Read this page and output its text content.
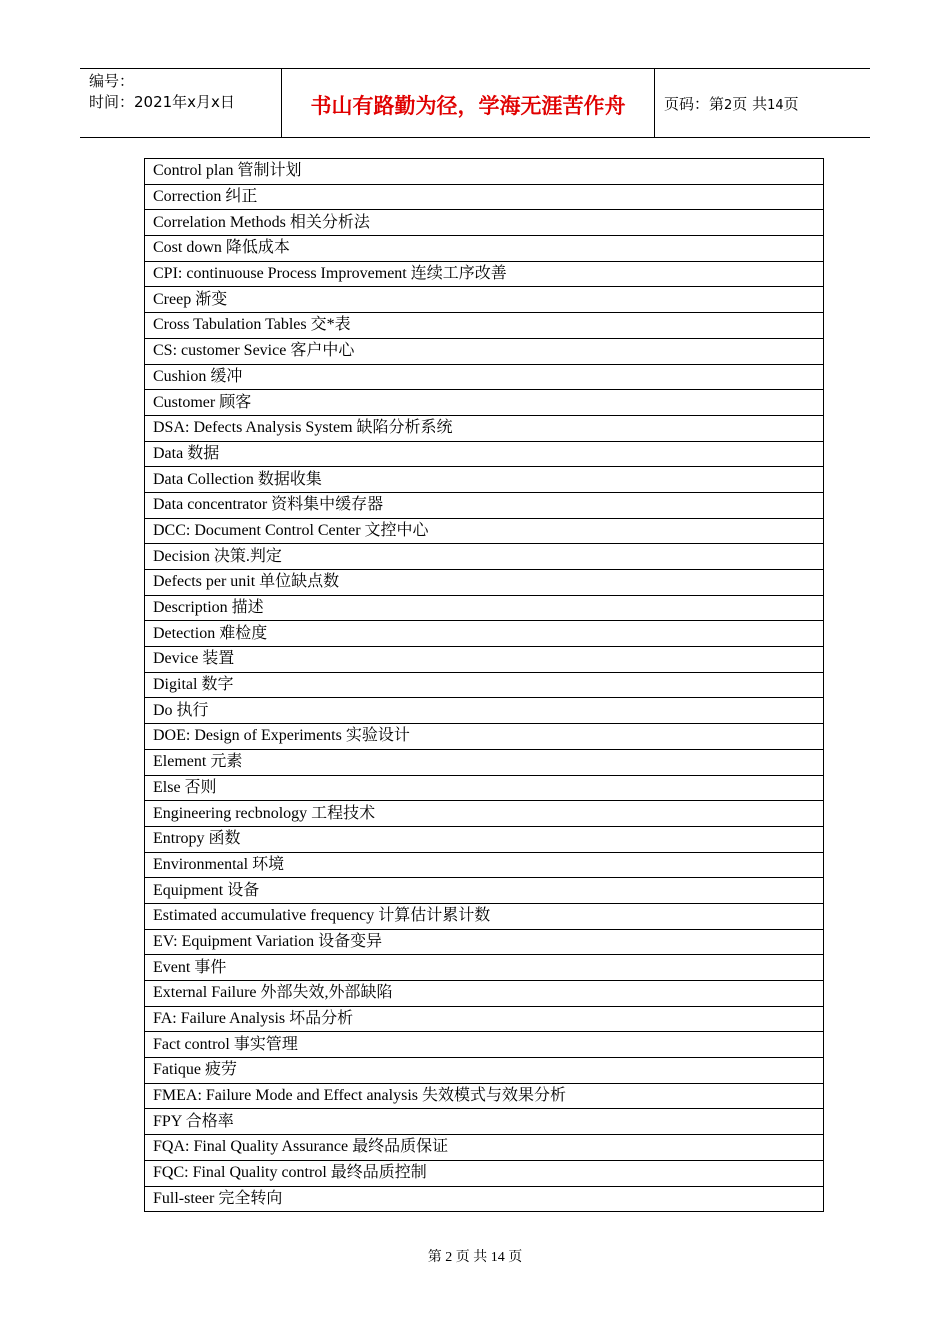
编号：
时间：2021年x月x日	书山有路勤为径，学海无涯苦作舟	页码：第2页 共14页
Control plan 管制计划
Correction 纠正
Correlation Methods 相关分析法
Cost down 降低成本
CPI: continuouse Process Improvement 连续工序改善
Creep 渐变
Cross Tabulation Tables 交*表
CS: customer Sevice 客户中心
Cushion 缓冲
Customer 顾客
DSA: Defects Analysis System 缺陷分析系统
Data 数据
Data Collection 数据收集
Data concentrator 资料集中缓存器
DCC: Document Control Center 文控中心
Decision 决策.判定
Defects per unit 单位缺点数
Description 描述
Detection 难检度
Device 装置
Digital 数字
Do 执行
DOE: Design of Experiments 实验设计
Element 元素
Else 否则
Engineering recbnology 工程技术
Entropy 函数
Environmental 环境
Equipment 设备
Estimated accumulative frequency 计算估计累计数
EV: Equipment Variation 设备变异
Event 事件
External Failure 外部失效,外部缺陷
FA: Failure Analysis 坏品分析
Fact control 事实管理
Fatique 疲劳
FMEA: Failure Mode and Effect analysis 失效模式与效果分析
FPY 合格率
FQA: Final Quality Assurance 最终品质保证
FQC: Final Quality control 最终品质控制
Full-steer 完全转向
第 2 页 共 14 页
